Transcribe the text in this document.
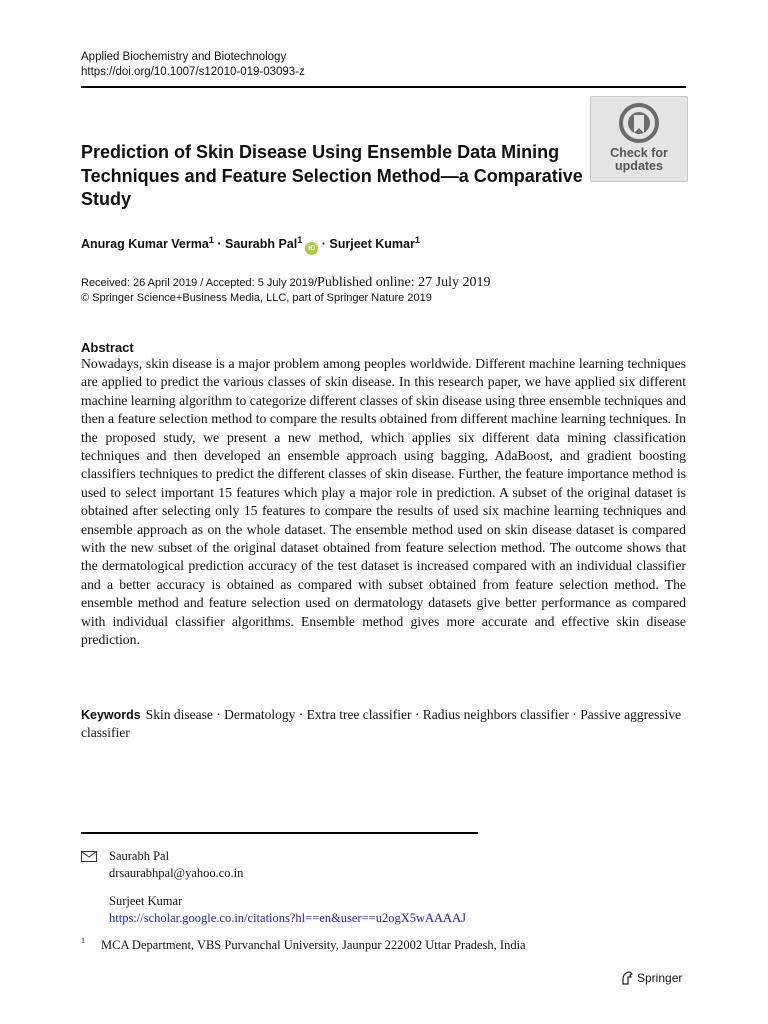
Applied Biochemistry and Biotechnology
https://doi.org/10.1007/s12010-019-03093-z
Prediction of Skin Disease Using Ensemble Data Mining Techniques and Feature Selection Method—a Comparative Study
Check for
updates
Anurag Kumar Verma$^1$ · Saurabh Pal$^1$iD · Surjeet Kumar$^1$
Received: 26 April 2019 / Accepted: 5 July 2019/Published online: 27 July 2019
© Springer Science+Business Media, LLC, part of Springer Nature 2019
Abstract
Nowadays, skin disease is a major problem among peoples worldwide. Different machine learning techniques are applied to predict the various classes of skin disease. In this research paper, we have applied six different machine learning algorithm to categorize different classes of skin disease using three ensemble techniques and then a feature selection method to compare the results obtained from different machine learning techniques. In the proposed study, we present a new method, which applies six different data mining classification techniques and then developed an ensemble approach using bagging, AdaBoost, and gradient boosting classifiers techniques to predict the different classes of skin disease. Further, the feature importance method is used to select important 15 features which play a major role in prediction. A subset of the original dataset is obtained after selecting only 15 features to compare the results of used six machine learning techniques and ensemble approach as on the whole dataset. The ensemble method used on skin disease dataset is compared with the new subset of the original dataset obtained from feature selection method. The outcome shows that the dermatological prediction accuracy of the test dataset is increased compared with an individual classifier and a better accuracy is obtained as compared with subset obtained from feature selection method. The ensemble method and feature selection used on dermatology datasets give better performance as compared with individual classifier algorithms. Ensemble method gives more accurate and effective skin disease prediction.
Keywords Skin disease · Dermatology · Extra tree classifier · Radius neighbors classifier · Passive aggressive classifier
Saurabh Pal
drsaurabhpal@yahoo.co.in
Surjeet Kumar
https://scholar.google.co.in/citations?hl==en&user==u2ogX5wAAAAJ
$^1$ MCA Department, VBS Purvanchal University, Jaunpur 222002 Uttar Pradesh, India
Springer
